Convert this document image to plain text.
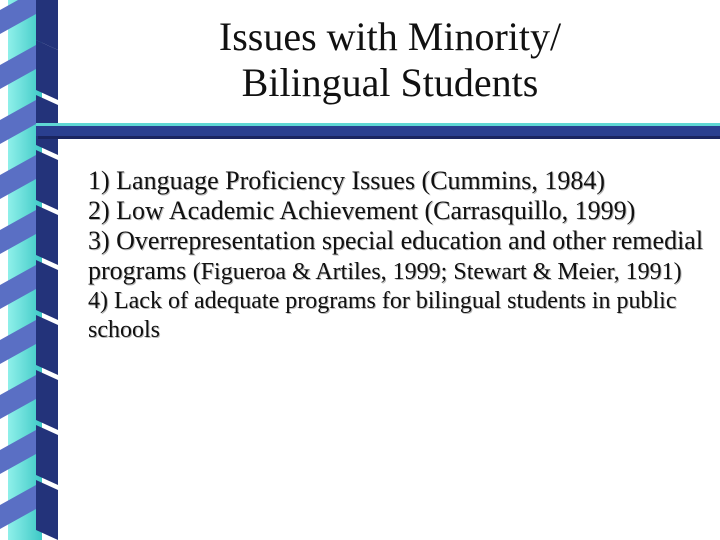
Issues with Minority/
Bilingual Students

1) Language Proficiency Issues (Cummins, 1984)

2) Low Academic Achievement (Carrasquillo, 1999)

3) Overrepresentation special education and other remedial programs (Figueroa & Artiles, 1999; Stewart & Meier, 1991)

4) Lack of adequate programs for bilingual students in public schools
